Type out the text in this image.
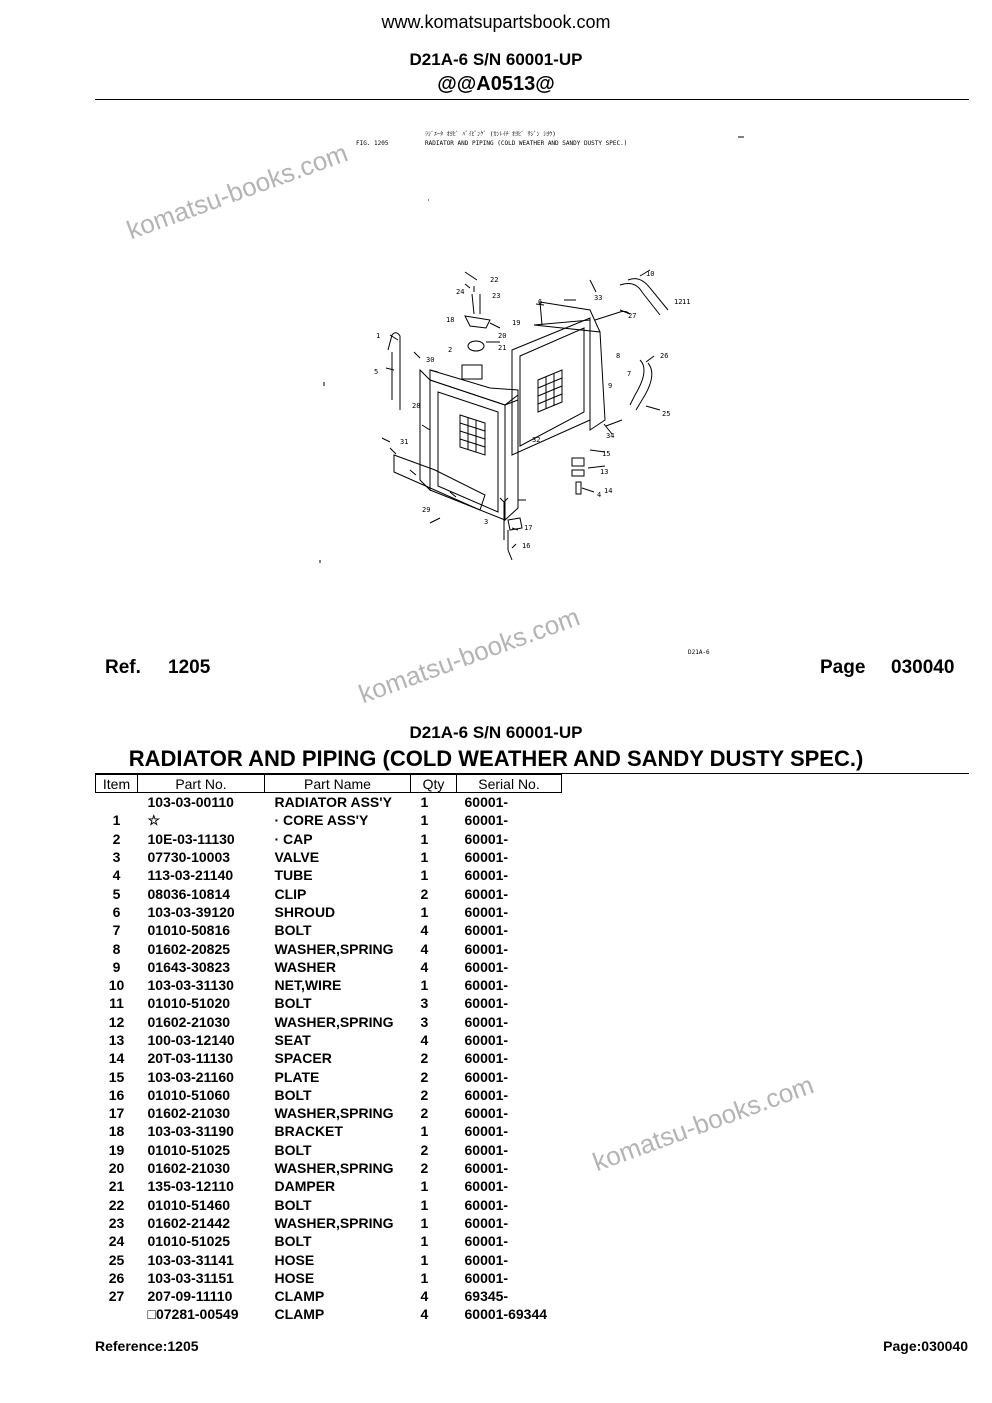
www.komatsupartsbook.com
D21A-6 S/N 60001-UP
@@A0513@
komatsu-books.com
komatsu-books.com
komatsu-books.com
FIG. 1205
ﾗｼﾞｴｰﾀ ｵﾖﾋﾞ ﾊﾟｲﾋﾟﾝｸﾞ (ｶﾝﾚｲﾁ ｵﾖﾋﾞ ｻｼﾞﾝ ｼﾖｳ)
RADIATOR AND PIPING (COLD WEATHER AND SANDY DUSTY SPEC.)
D21A-6
1
2
3
4
5
6
7
8
9
10
11
12
13
14
15
16
17
18	19
20
21
22
23
24
25
26
27
28
29
30
31	32
33
34
Ref. 1205	Page 030040
D21A-6 S/N 60001-UP
RADIATOR AND PIPING (COLD WEATHER AND SANDY DUSTY SPEC.)
Item	Part No.	Part Name	Qty	Serial No.
	103-03-00110	RADIATOR ASS'Y	1	60001-
1	☆	· CORE ASS'Y	1	60001-
2	10E-03-11130	· CAP	1	60001-
3	07730-10003	VALVE	1	60001-
4	113-03-21140	TUBE	1	60001-
5	08036-10814	CLIP	2	60001-
6	103-03-39120	SHROUD	1	60001-
7	01010-50816	BOLT	4	60001-
8	01602-20825	WASHER,SPRING	4	60001-
9	01643-30823	WASHER	4	60001-
10	103-03-31130	NET,WIRE	1	60001-
11	01010-51020	BOLT	3	60001-
12	01602-21030	WASHER,SPRING	3	60001-
13	100-03-12140	SEAT	4	60001-
14	20T-03-11130	SPACER	2	60001-
15	103-03-21160	PLATE	2	60001-
16	01010-51060	BOLT	2	60001-
17	01602-21030	WASHER,SPRING	2	60001-
18	103-03-31190	BRACKET	1	60001-
19	01010-51025	BOLT	2	60001-
20	01602-21030	WASHER,SPRING	2	60001-
21	135-03-12110	DAMPER	1	60001-
22	01010-51460	BOLT	1	60001-
23	01602-21442	WASHER,SPRING	1	60001-
24	01010-51025	BOLT	1	60001-
25	103-03-31141	HOSE	1	60001-
26	103-03-31151	HOSE	1	60001-
27	207-09-11110	CLAMP	4	69345-
	□07281-00549	CLAMP	4	60001-69344
Reference:1205	Page:030040
